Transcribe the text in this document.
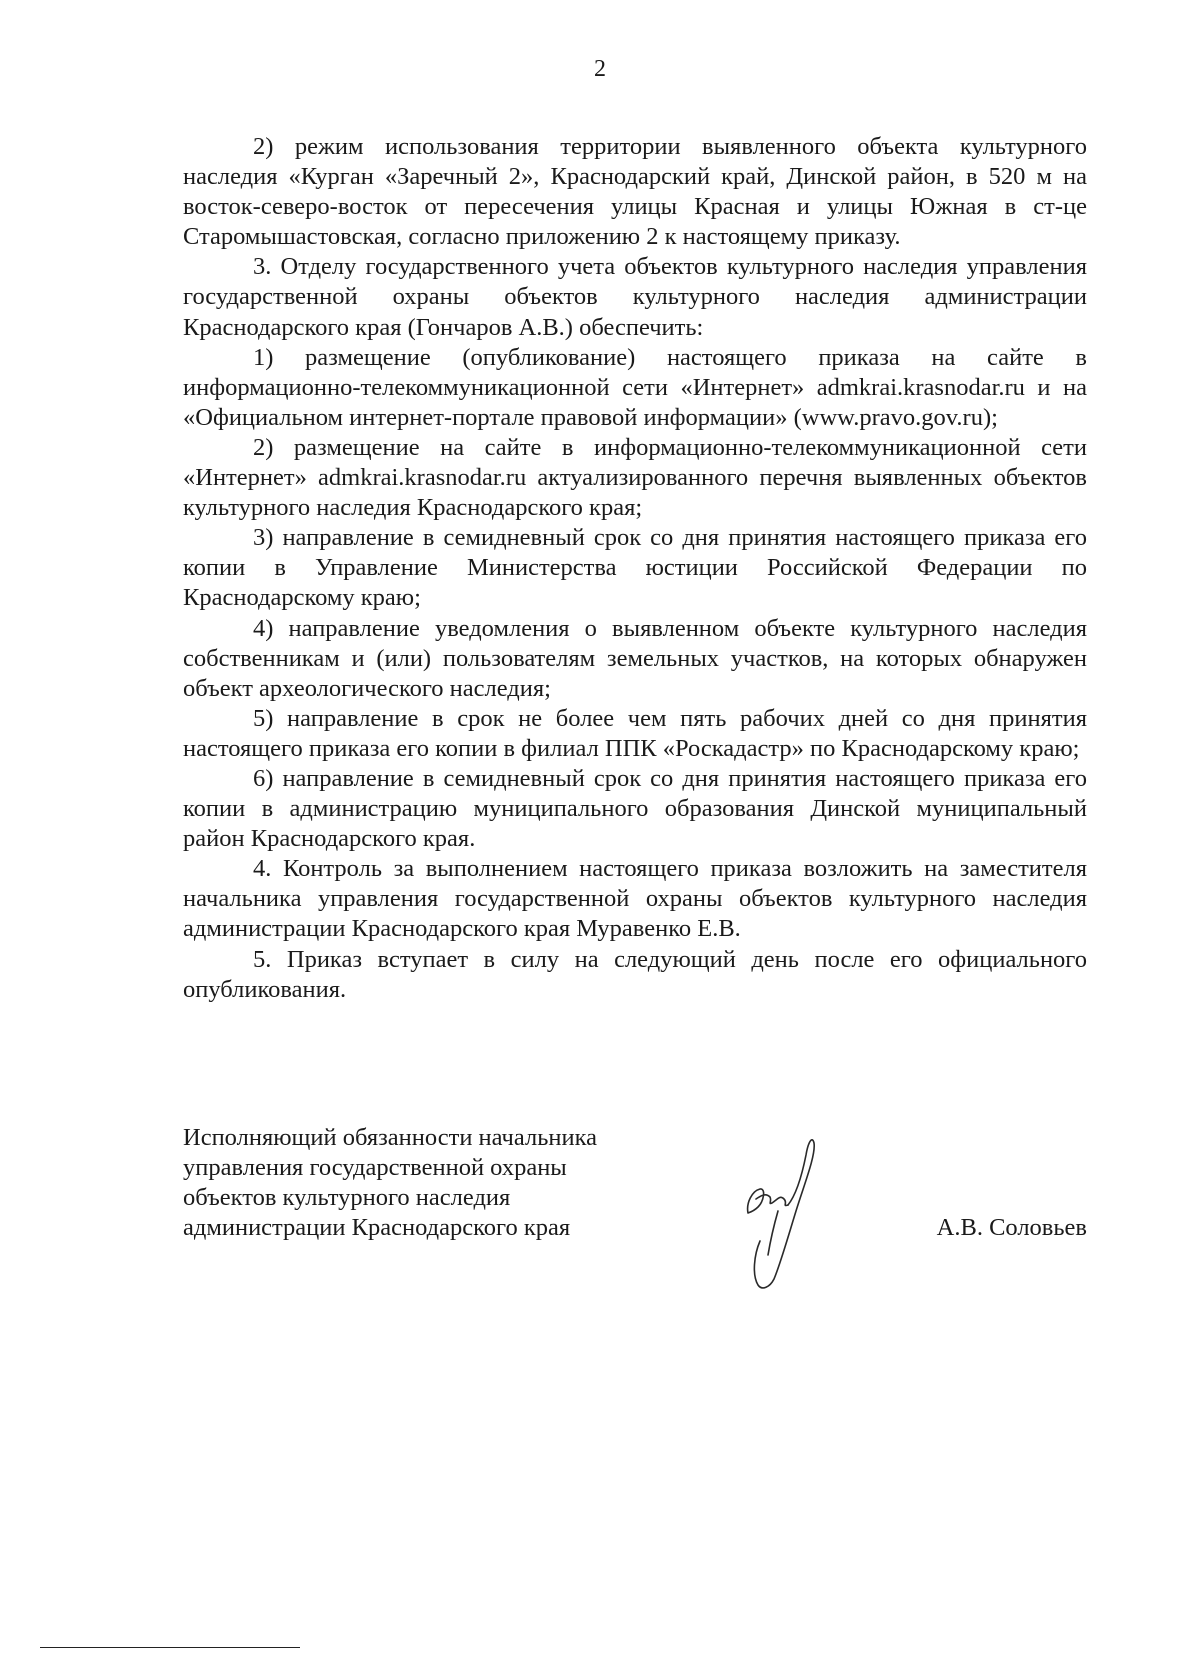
2

2) режим использования территории выявленного объекта культурного наследия «Курган «Заречный 2», Краснодарский край, Динской район, в 520 м на восток-северо-восток от пересечения улицы Красная и улицы Южная в ст-це Старомышастовская, согласно приложению 2 к настоящему приказу.

3. Отделу государственного учета объектов культурного наследия управления государственной охраны объектов культурного наследия администрации Краснодарского края (Гончаров А.В.) обеспечить:

1) размещение (опубликование) настоящего приказа на сайте в информационно-телекоммуникационной сети «Интернет» admkrai.krasnodar.ru и на «Официальном интернет-портале правовой информации» (www.pravo.gov.ru);

2) размещение на сайте в информационно-телекоммуникационной сети «Интернет» admkrai.krasnodar.ru актуализированного перечня выявленных объектов культурного наследия Краснодарского края;

3) направление в семидневный срок со дня принятия настоящего приказа его копии в Управление Министерства юстиции Российской Федерации по Краснодарскому краю;

4) направление уведомления о выявленном объекте культурного наследия собственникам и (или) пользователям земельных участков, на которых обнаружен объект археологического наследия;

5) направление в срок не более чем пять рабочих дней со дня принятия настоящего приказа его копии в филиал ППК «Роскадастр» по Краснодарскому краю;

6) направление в семидневный срок со дня принятия настоящего приказа его копии в администрацию муниципального образования Динской муниципальный район Краснодарского края.

4. Контроль за выполнением настоящего приказа возложить на заместителя начальника управления государственной охраны объектов культурного наследия администрации Краснодарского края Муравенко Е.В.

5. Приказ вступает в силу на следующий день после его официального опубликования.

Исполняющий обязанности начальника
управления государственной охраны
объектов культурного наследия
администрации Краснодарского края	А.В. Соловьев
